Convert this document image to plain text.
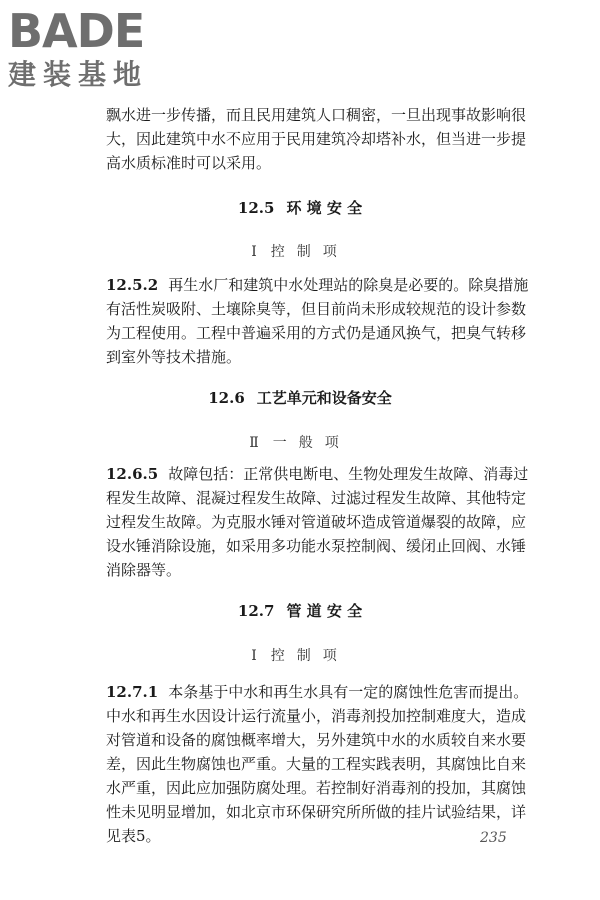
BADE
建装基地

飘水进一步传播，而且民用建筑人口稠密，一旦出现事故影响很大，因此建筑中水不应用于民用建筑冷却塔补水，但当进一步提高水质标准时可以采用。

12.5 环 境 安 全
Ⅰ 控制项

12.5.2 再生水厂和建筑中水处理站的除臭是必要的。除臭措施有活性炭吸附、土壤除臭等，但目前尚未形成较规范的设计参数为工程使用。工程中普遍采用的方式仍是通风换气，把臭气转移到室外等技术措施。

12.6 工艺单元和设备安全
Ⅱ 一般项

12.6.5 故障包括：正常供电断电、生物处理发生故障、消毒过程发生故障、混凝过程发生故障、过滤过程发生故障、其他特定过程发生故障。为克服水锤对管道破坏造成管道爆裂的故障，应设水锤消除设施，如采用多功能水泵控制阀、缓闭止回阀、水锤消除器等。

12.7 管 道 安 全
Ⅰ 控制项

12.7.1 本条基于中水和再生水具有一定的腐蚀性危害而提出。中水和再生水因设计运行流量小，消毒剂投加控制难度大，造成对管道和设备的腐蚀概率增大，另外建筑中水的水质较自来水要差，因此生物腐蚀也严重。大量的工程实践表明，其腐蚀比自来水严重，因此应加强防腐处理。若控制好消毒剂的投加，其腐蚀性未见明显增加，如北京市环保研究所所做的挂片试验结果，详见表5。	235
